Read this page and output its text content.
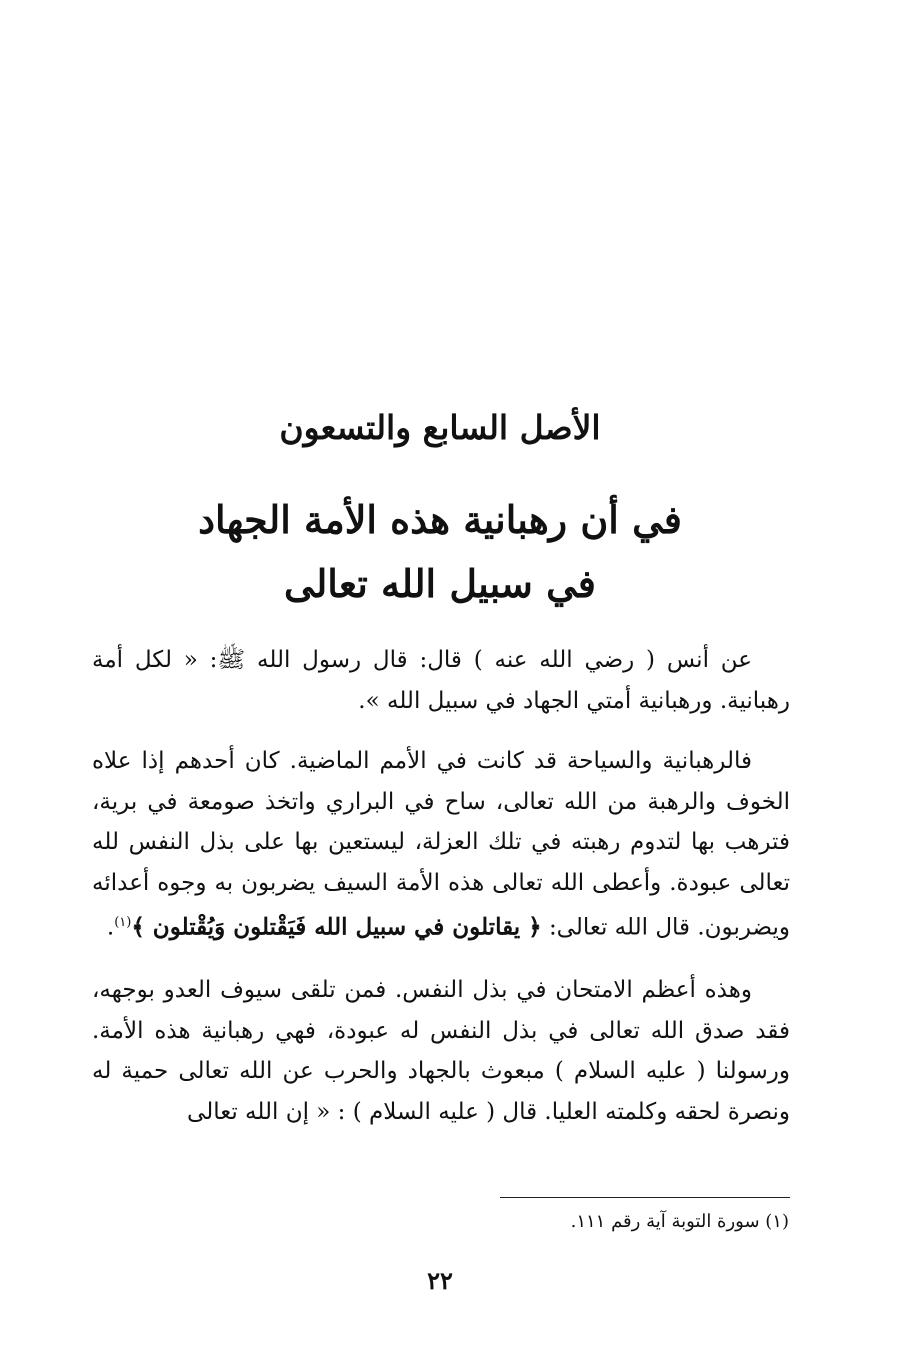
الأصل السابع والتسعون
في أن رهبانية هذه الأمة الجهاد
في سبيل الله تعالى

عن أنس ( رضي الله عنه ) قال: قال رسول الله ﷺ: « لكل أمة رهبانية. ورهبانية أمتي الجهاد في سبيل الله ».

فالرهبانية والسياحة قد كانت في الأمم الماضية. كان أحدهم إذا علاه الخوف والرهبة من الله تعالى، ساح في البراري واتخذ صومعة في برية، فترهب بها لتدوم رهبته في تلك العزلة، ليستعين بها على بذل النفس لله تعالى عبودة. وأعطى الله تعالى هذه الأمة السيف يضربون به وجوه أعدائه ويضربون. قال الله تعالى: ﴿ يقاتلون في سبيل الله فَيَقْتلون وَيُقْتلون ﴾$^{(١)}$.

وهذه أعظم الامتحان في بذل النفس. فمن تلقى سيوف العدو بوجهه، فقد صدق الله تعالى في بذل النفس له عبودة، فهي رهبانية هذه الأمة. ورسولنا ( عليه السلام ) مبعوث بالجهاد والحرب عن الله تعالى حمية له ونصرة لحقه وكلمته العليا. قال ( عليه السلام ) : « إن الله تعالى

(١) سورة التوبة آية رقم ١١١.
٢٢
